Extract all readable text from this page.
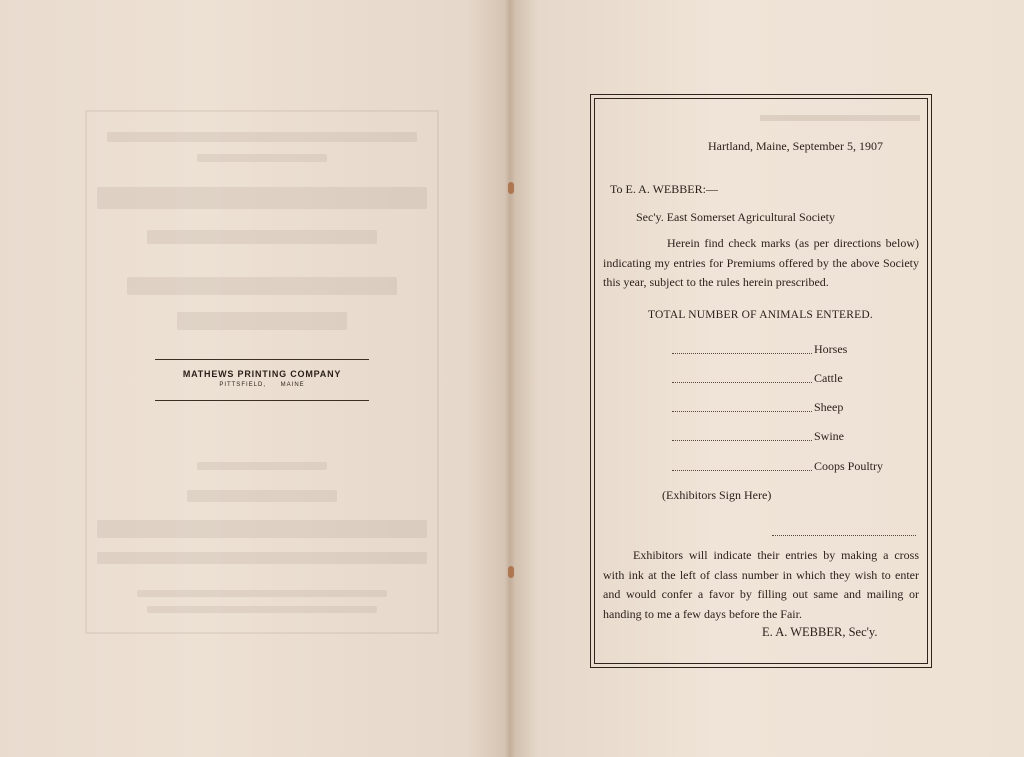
MATHEWS PRINTING COMPANY
PITTSFIELD, MAINE
▬▬▬▬▬▬▬▬
Hartland, Maine, September 5, 1907
To E. A. WEBBER:—
Sec'y. East Somerset Agricultural Society
Herein find check marks (as per directions below) indicating my entries for Premiums offered by the above Society this year, subject to the rules herein prescribed.
TOTAL NUMBER OF ANIMALS ENTERED.
Horses
Cattle
Sheep
Swine
Coops Poultry
(Exhibitors Sign Here)
Exhibitors will indicate their entries by making a cross with ink at the left of class number in which they wish to enter and would confer a favor by filling out same and mailing or handing to me a few days before the Fair.
E. A. WEBBER, Sec'y.
